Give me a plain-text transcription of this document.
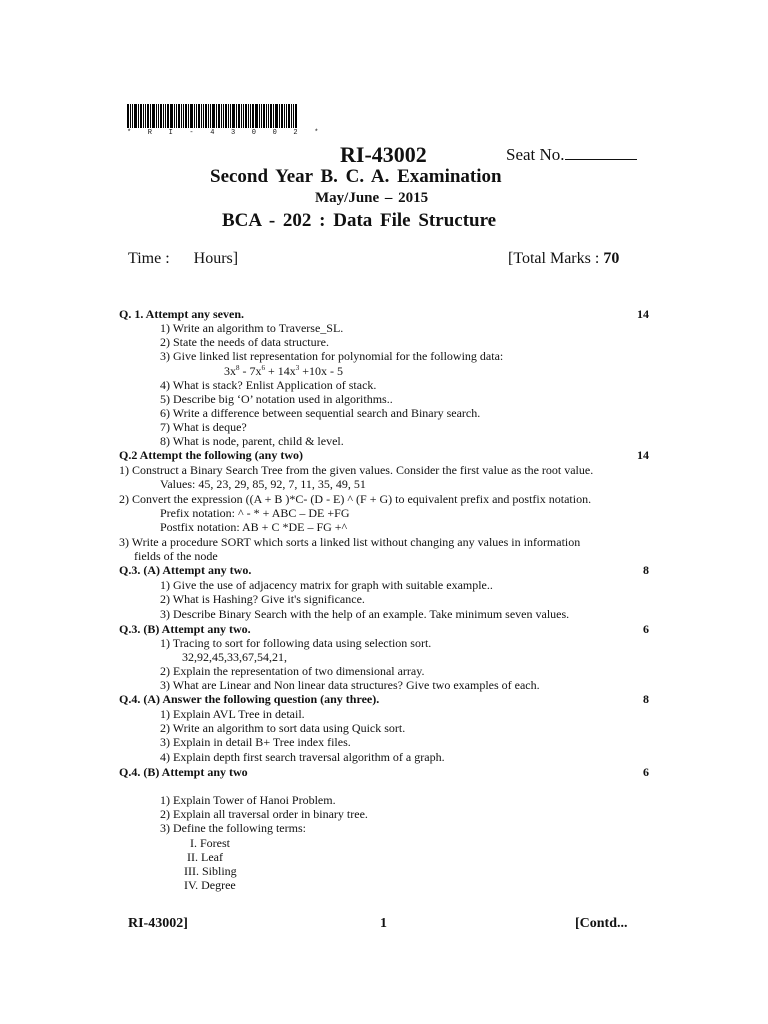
* R I - 4 3 0 0 2 *
RI-43002	Seat No.
Second Year B. C. A. Examination
May/June – 2015
BCA - 202 : Data File Structure
Time : Hours]	[Total Marks : 70
Q. 1. Attempt any seven.	14
1) Write an algorithm to Traverse_SL.
2) State the needs of data structure.
3) Give linked list representation for polynomial for the following data:
$3x^8 - 7x^6 + 14x^3 +10x - 5$
4) What is stack? Enlist Application of stack.
5) Describe big ‘O’ notation used in algorithms..
6) Write a difference between sequential search and Binary search.
7) What is deque?
8) What is node, parent, child & level.
Q.2 Attempt the following (any two)	14
1) Construct a Binary Search Tree from the given values. Consider the first value as the root value.
Values: 45, 23, 29, 85, 92, 7, 11, 35, 49, 51
2) Convert the expression ((A + B )*C- (D - E) ^ (F + G) to equivalent prefix and postfix notation.
Prefix notation: ^ - * + ABC – DE +FG
Postfix notation: AB + C *DE – FG +^
3) Write a procedure SORT which sorts a linked list without changing any values in information
fields of the node
Q.3. (A) Attempt any two.	8
1) Give the use of adjacency matrix for graph with suitable example..
2) What is Hashing? Give it's significance.
3) Describe Binary Search with the help of an example. Take minimum seven values.
Q.3. (B) Attempt any two.	6
1) Tracing to sort for following data using selection sort.
32,92,45,33,67,54,21,
2) Explain the representation of two dimensional array.
3) What are Linear and Non linear data structures? Give two examples of each.
Q.4. (A) Answer the following question (any three).	8
1) Explain AVL Tree in detail.
2) Write an algorithm to sort data using Quick sort.
3) Explain in detail B+ Tree index files.
4) Explain depth first search traversal algorithm of a graph.
Q.4. (B) Attempt any two	6
1) Explain Tower of Hanoi Problem.
2) Explain all traversal order in binary tree.
3) Define the following terms:
I. Forest
II. Leaf
III. Sibling
IV. Degree
RI-43002]	1	[Contd...
